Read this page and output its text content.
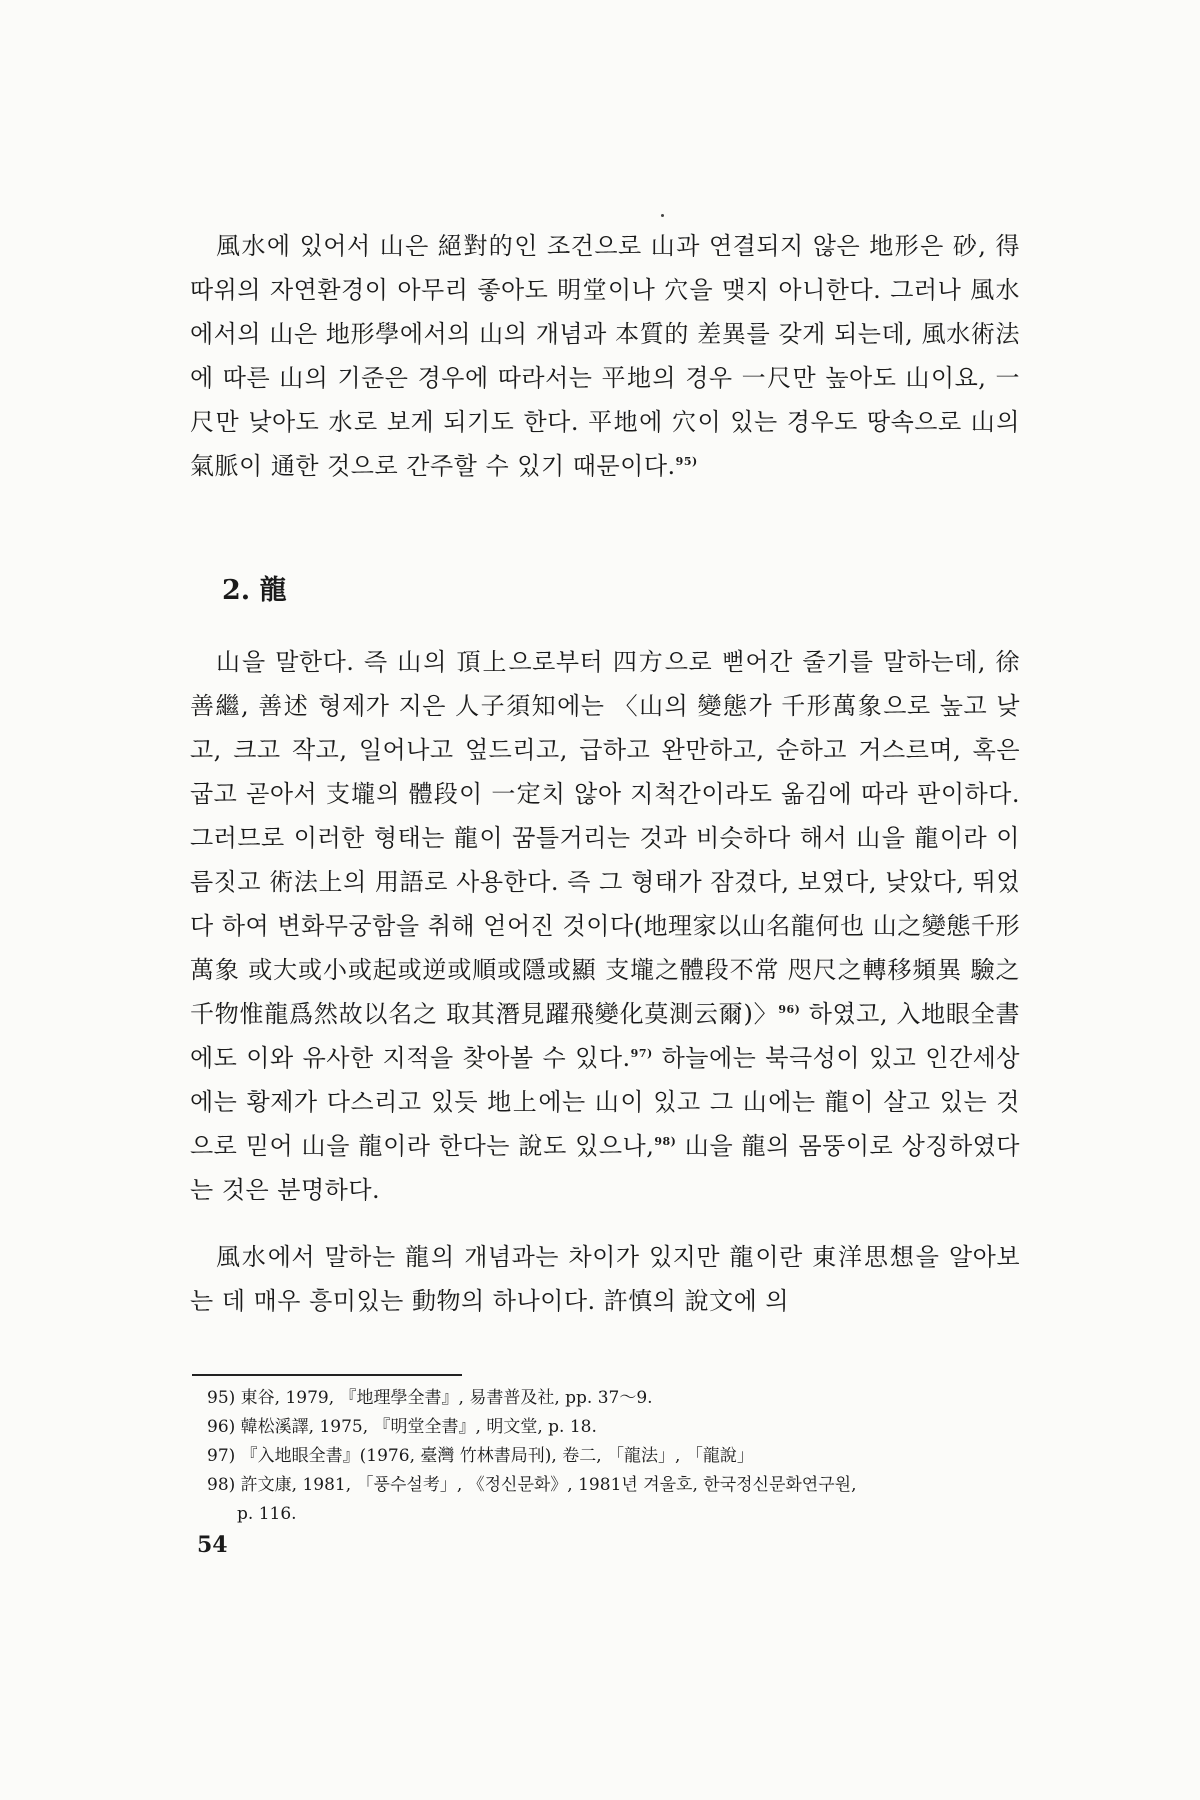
風水에 있어서 山은 絕對的인 조건으로 山과 연결되지 않은 地形은 砂, 得 따위의 자연환경이 아무리 좋아도 明堂이나 穴을 맺지 아니한다. 그러나 風水에서의 山은 地形學에서의 山의 개념과 本質的 差異를 갖게 되는데, 風水術法에 따른 山의 기준은 경우에 따라서는 平地의 경우 一尺만 높아도 山이요, 一尺만 낮아도 水로 보게 되기도 한다. 平地에 穴이 있는 경우도 땅속으로 山의 氣脈이 通한 것으로 간주할 수 있기 때문이다.$^{95)}$

2. 龍

山을 말한다. 즉 山의 頂上으로부터 四方으로 뻗어간 줄기를 말하는데, 徐善繼, 善述 형제가 지은 人子須知에는 〈山의 變態가 千形萬象으로 높고 낮고, 크고 작고, 일어나고 엎드리고, 급하고 완만하고, 순하고 거스르며, 혹은 굽고 곧아서 支壠의 體段이 一定치 않아 지척간이라도 옮김에 따라 판이하다. 그러므로 이러한 형태는 龍이 꿈틀거리는 것과 비슷하다 해서 山을 龍이라 이름짓고 術法上의 用語로 사용한다. 즉 그 형태가 잠겼다, 보였다, 낮았다, 뛰었다 하여 변화무궁함을 취해 얻어진 것이다(地理家以山名龍何也 山之變態千形萬象 或大或小或起或逆或順或隱或顯 支壠之體段不常 咫尺之轉移頻異 驗之千物惟龍爲然故以名之 取其潛見躍飛變化莫測云爾)〉$^{96)}$ 하였고, 入地眼全書에도 이와 유사한 지적을 찾아볼 수 있다.$^{97)}$ 하늘에는 북극성이 있고 인간세상에는 황제가 다스리고 있듯 地上에는 山이 있고 그 山에는 龍이 살고 있는 것으로 믿어 山을 龍이라 한다는 說도 있으나,$^{98)}$ 山을 龍의 몸뚱이로 상징하였다는 것은 분명하다.

風水에서 말하는 龍의 개념과는 차이가 있지만 龍이란 東洋思想을 알아보는 데 매우 흥미있는 動物의 하나이다. 許慎의 說文에 의

95) 東谷, 1979, 『地理學全書』, 易書普及社, pp. 37～9.

96) 韓松溪譯, 1975, 『明堂全書』, 明文堂, p. 18.

97) 『入地眼全書』(1976, 臺灣 竹林書局刊), 卷二, 「龍法」, 「龍說」

98) 許文康, 1981, 「풍수설考」, 《정신문화》, 1981년 겨울호, 한국정신문화연구원,

p. 116.

54
